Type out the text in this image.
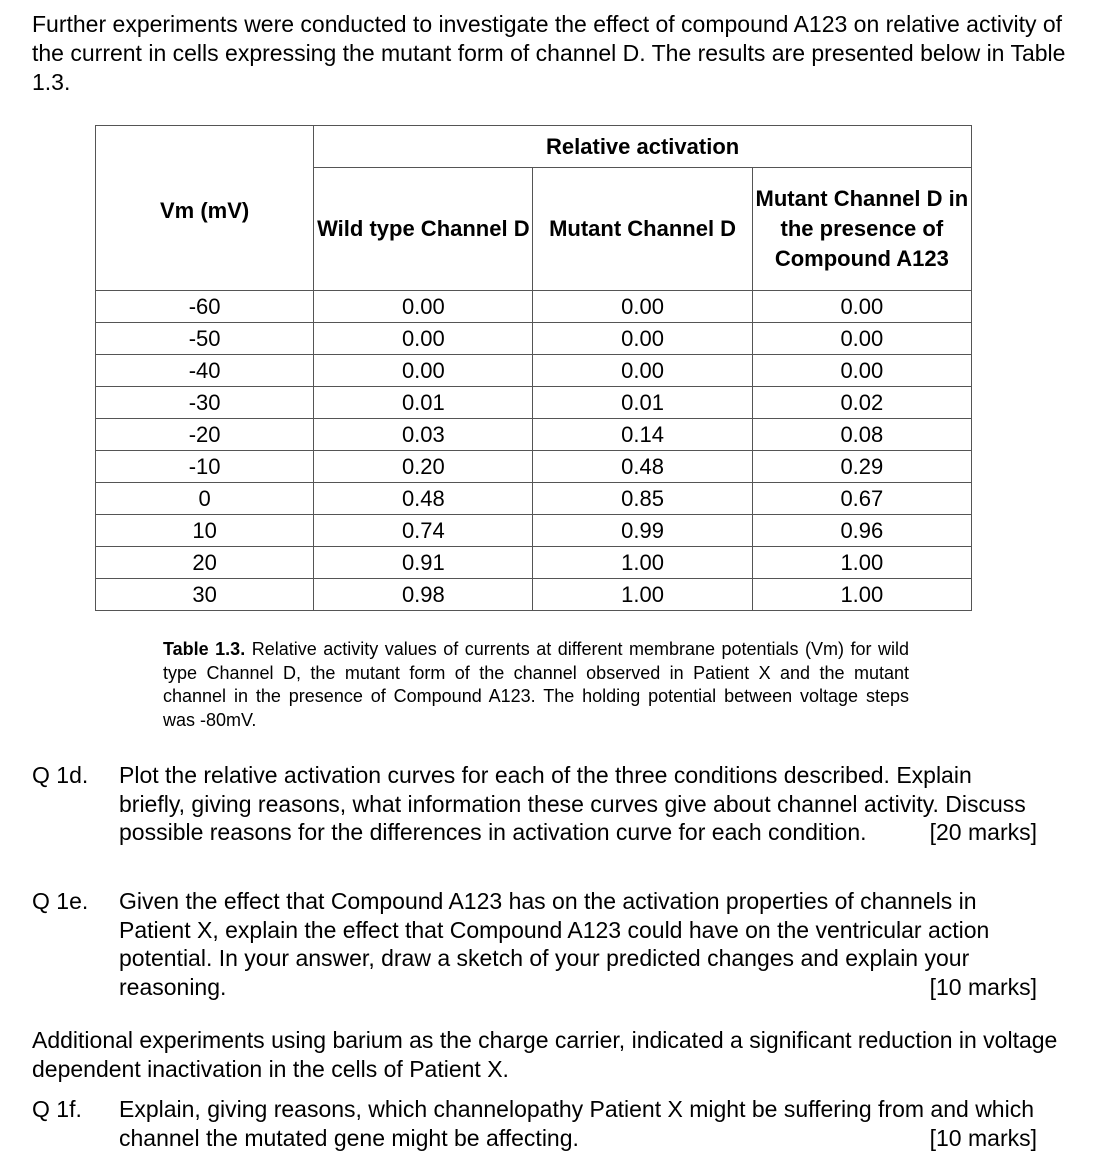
Further experiments were conducted to investigate the effect of compound A123 on relative activity of the current in cells expressing the mutant form of channel D. The results are presented below in Table 1.3.

Vm (mV)	Relative activation		
	Wild type Channel D	Mutant Channel D	Mutant Channel D in the presence of Compound A123
-60	0.00	0.00	0.00
-50	0.00	0.00	0.00
-40	0.00	0.00	0.00
-30	0.01	0.01	0.02
-20	0.03	0.14	0.08
-10	0.20	0.48	0.29
0	0.48	0.85	0.67
10	0.74	0.99	0.96
20	0.91	1.00	1.00
30	0.98	1.00	1.00

Table 1.3. Relative activity values of currents at different membrane potentials (Vm) for wild type Channel D, the mutant form of the channel observed in Patient X and the mutant channel in the presence of Compound A123. The holding potential between voltage steps was -80mV.

Q 1d. Plot the relative activation curves for each of the three conditions described. Explain briefly, giving reasons, what information these curves give about channel activity. Discuss possible reasons for the differences in activation curve for each condition.	[20 marks]
Q 1e. Given the effect that Compound A123 has on the activation properties of channels in Patient X, explain the effect that Compound A123 could have on the ventricular action potential. In your answer, draw a sketch of your predicted changes and explain your reasoning.	[10 marks]

Additional experiments using barium as the charge carrier, indicated a significant reduction in voltage dependent inactivation in the cells of Patient X.

Q 1f. Explain, giving reasons, which channelopathy Patient X might be suffering from and which channel the mutated gene might be affecting.	[10 marks]
